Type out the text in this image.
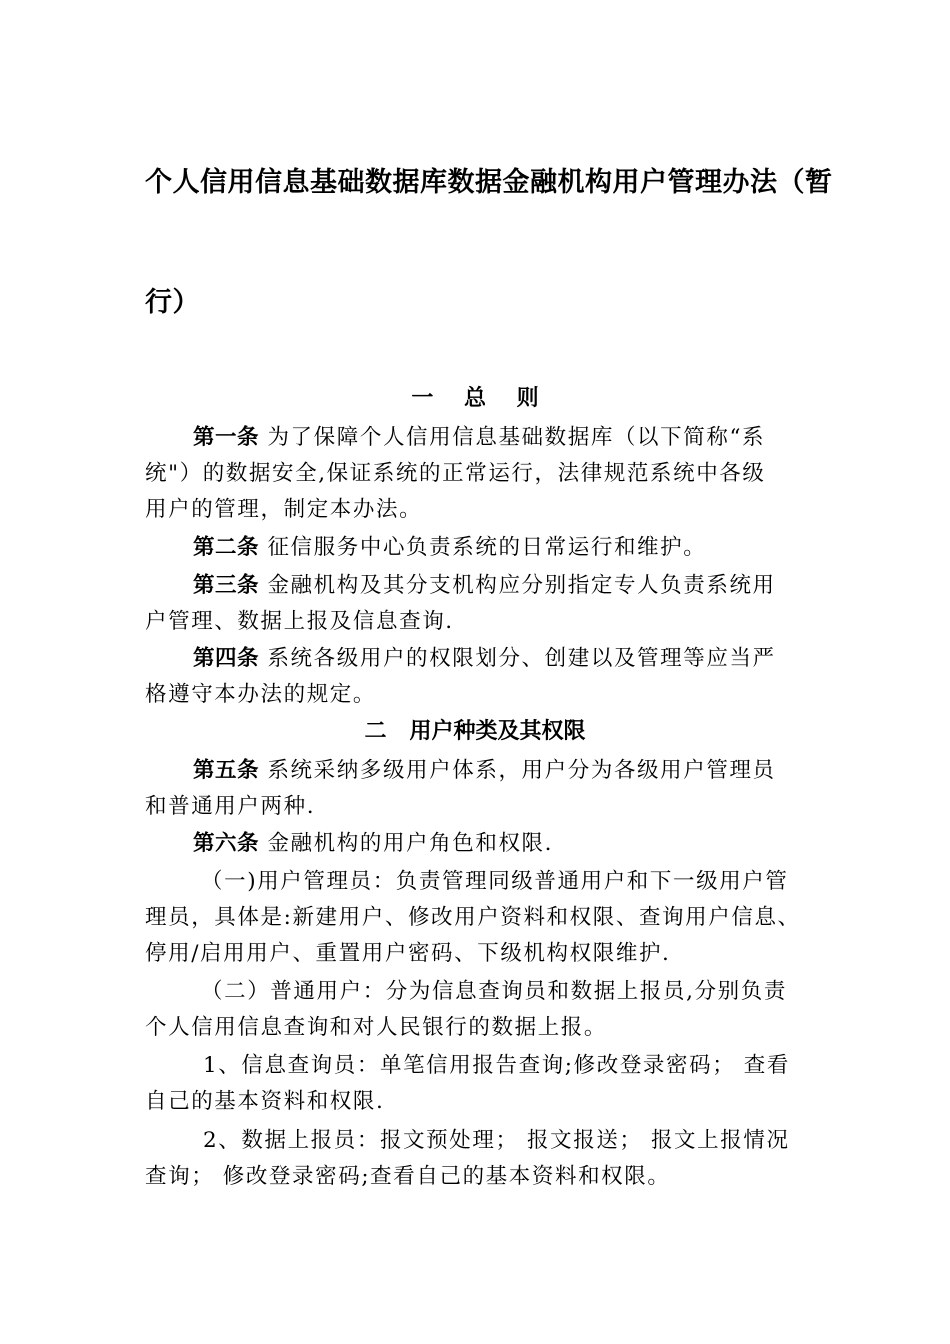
个人信用信息基础数据库数据金融机构用户管理办法（暂
行）
一    总    则
第一条 为了保障个人信用信息基础数据库（以下简称“系
统"）的数据安全,保证系统的正常运行，法律规范系统中各级
用户的管理，制定本办法。
第二条 征信服务中心负责系统的日常运行和维护。
第三条 金融机构及其分支机构应分别指定专人负责系统用
户管理、数据上报及信息查询.
第四条 系统各级用户的权限划分、创建以及管理等应当严
格遵守本办法的规定。
二   用户种类及其权限
第五条 系统采纳多级用户体系，用户分为各级用户管理员
和普通用户两种.
第六条 金融机构的用户角色和权限.
（一)用户管理员：负责管理同级普通用户和下一级用户管
理员，具体是:新建用户、修改用户资料和权限、查询用户信息、
停用/启用用户、重置用户密码、下级机构权限维护.
（二）普通用户：分为信息查询员和数据上报员,分别负责
个人信用信息查询和对人民银行的数据上报。
1、信息查询员：单笔信用报告查询;修改登录密码； 查看
自己的基本资料和权限.
2、数据上报员：报文预处理； 报文报送； 报文上报情况
查询； 修改登录密码;查看自己的基本资料和权限。
